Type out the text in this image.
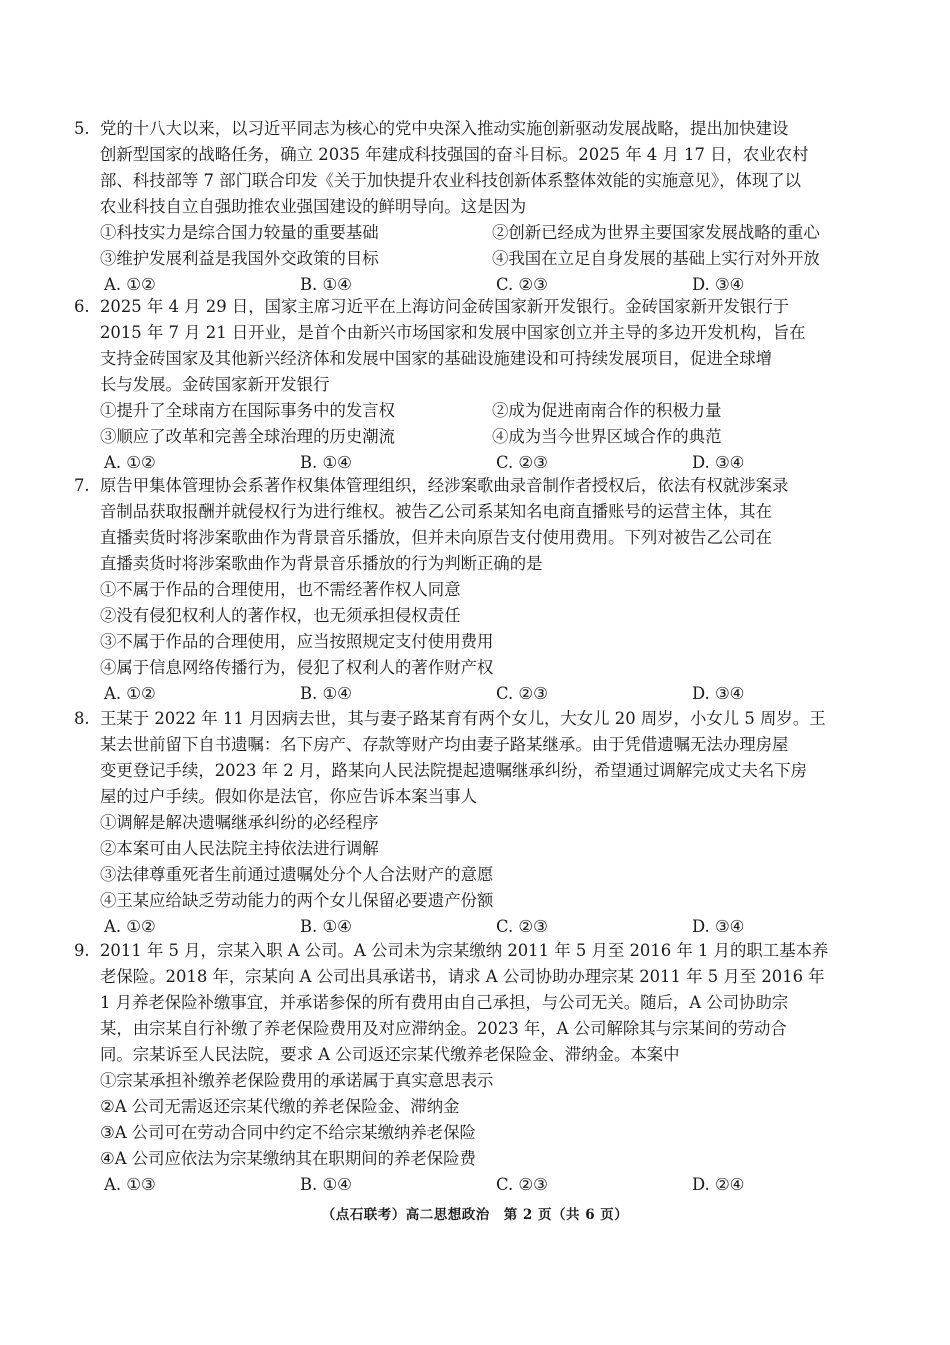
5. 党的十八大以来，以习近平同志为核心的党中央深入推动实施创新驱动发展战略，提出加快建设
创新型国家的战略任务，确立 2035 年建成科技强国的奋斗目标。2025 年 4 月 17 日，农业农村
部、科技部等 7 部门联合印发《关于加快提升农业科技创新体系整体效能的实施意见》，体现了以
农业科技自立自强助推农业强国建设的鲜明导向。这是因为
①科技实力是综合国力较量的重要基础	②创新已经成为世界主要国家发展战略的重心
③维护发展利益是我国外交政策的目标	④我国在立足自身发展的基础上实行对外开放
A. ①②	B. ①④	C. ②③	D. ③④
6. 2025 年 4 月 29 日，国家主席习近平在上海访问金砖国家新开发银行。金砖国家新开发银行于
2015 年 7 月 21 日开业，是首个由新兴市场国家和发展中国家创立并主导的多边开发机构，旨在
支持金砖国家及其他新兴经济体和发展中国家的基础设施建设和可持续发展项目，促进全球增
长与发展。金砖国家新开发银行
①提升了全球南方在国际事务中的发言权	②成为促进南南合作的积极力量
③顺应了改革和完善全球治理的历史潮流	④成为当今世界区域合作的典范
A. ①②	B. ①④	C. ②③	D. ③④
7. 原告甲集体管理协会系著作权集体管理组织，经涉案歌曲录音制作者授权后，依法有权就涉案录
音制品获取报酬并就侵权行为进行维权。被告乙公司系某知名电商直播账号的运营主体，其在
直播卖货时将涉案歌曲作为背景音乐播放，但并未向原告支付使用费用。下列对被告乙公司在
直播卖货时将涉案歌曲作为背景音乐播放的行为判断正确的是
①不属于作品的合理使用，也不需经著作权人同意
②没有侵犯权利人的著作权，也无须承担侵权责任
③不属于作品的合理使用，应当按照规定支付使用费用
④属于信息网络传播行为，侵犯了权利人的著作财产权
A. ①②	B. ①④	C. ②③	D. ③④
8. 王某于 2022 年 11 月因病去世，其与妻子路某育有两个女儿，大女儿 20 周岁，小女儿 5 周岁。王
某去世前留下自书遗嘱：名下房产、存款等财产均由妻子路某继承。由于凭借遗嘱无法办理房屋
变更登记手续，2023 年 2 月，路某向人民法院提起遗嘱继承纠纷，希望通过调解完成丈夫名下房
屋的过户手续。假如你是法官，你应告诉本案当事人
①调解是解决遗嘱继承纠纷的必经程序
②本案可由人民法院主持依法进行调解
③法律尊重死者生前通过遗嘱处分个人合法财产的意愿
④王某应给缺乏劳动能力的两个女儿保留必要遗产份额
A. ①②	B. ①④	C. ②③	D. ③④
9. 2011 年 5 月，宗某入职 A 公司。A 公司未为宗某缴纳 2011 年 5 月至 2016 年 1 月的职工基本养
老保险。2018 年，宗某向 A 公司出具承诺书，请求 A 公司协助办理宗某 2011 年 5 月至 2016 年
1 月养老保险补缴事宜，并承诺参保的所有费用由自己承担，与公司无关。随后，A 公司协助宗
某，由宗某自行补缴了养老保险费用及对应滞纳金。2023 年，A 公司解除其与宗某间的劳动合
同。宗某诉至人民法院，要求 A 公司返还宗某代缴养老保险金、滞纳金。本案中
①宗某承担补缴养老保险费用的承诺属于真实意思表示
②A 公司无需返还宗某代缴的养老保险金、滞纳金
③A 公司可在劳动合同中约定不给宗某缴纳养老保险
④A 公司应依法为宗某缴纳其在职期间的养老保险费
A. ①③	B. ①④	C. ②③	D. ②④
（点石联考）高二思想政治　第 2 页（共 6 页）
